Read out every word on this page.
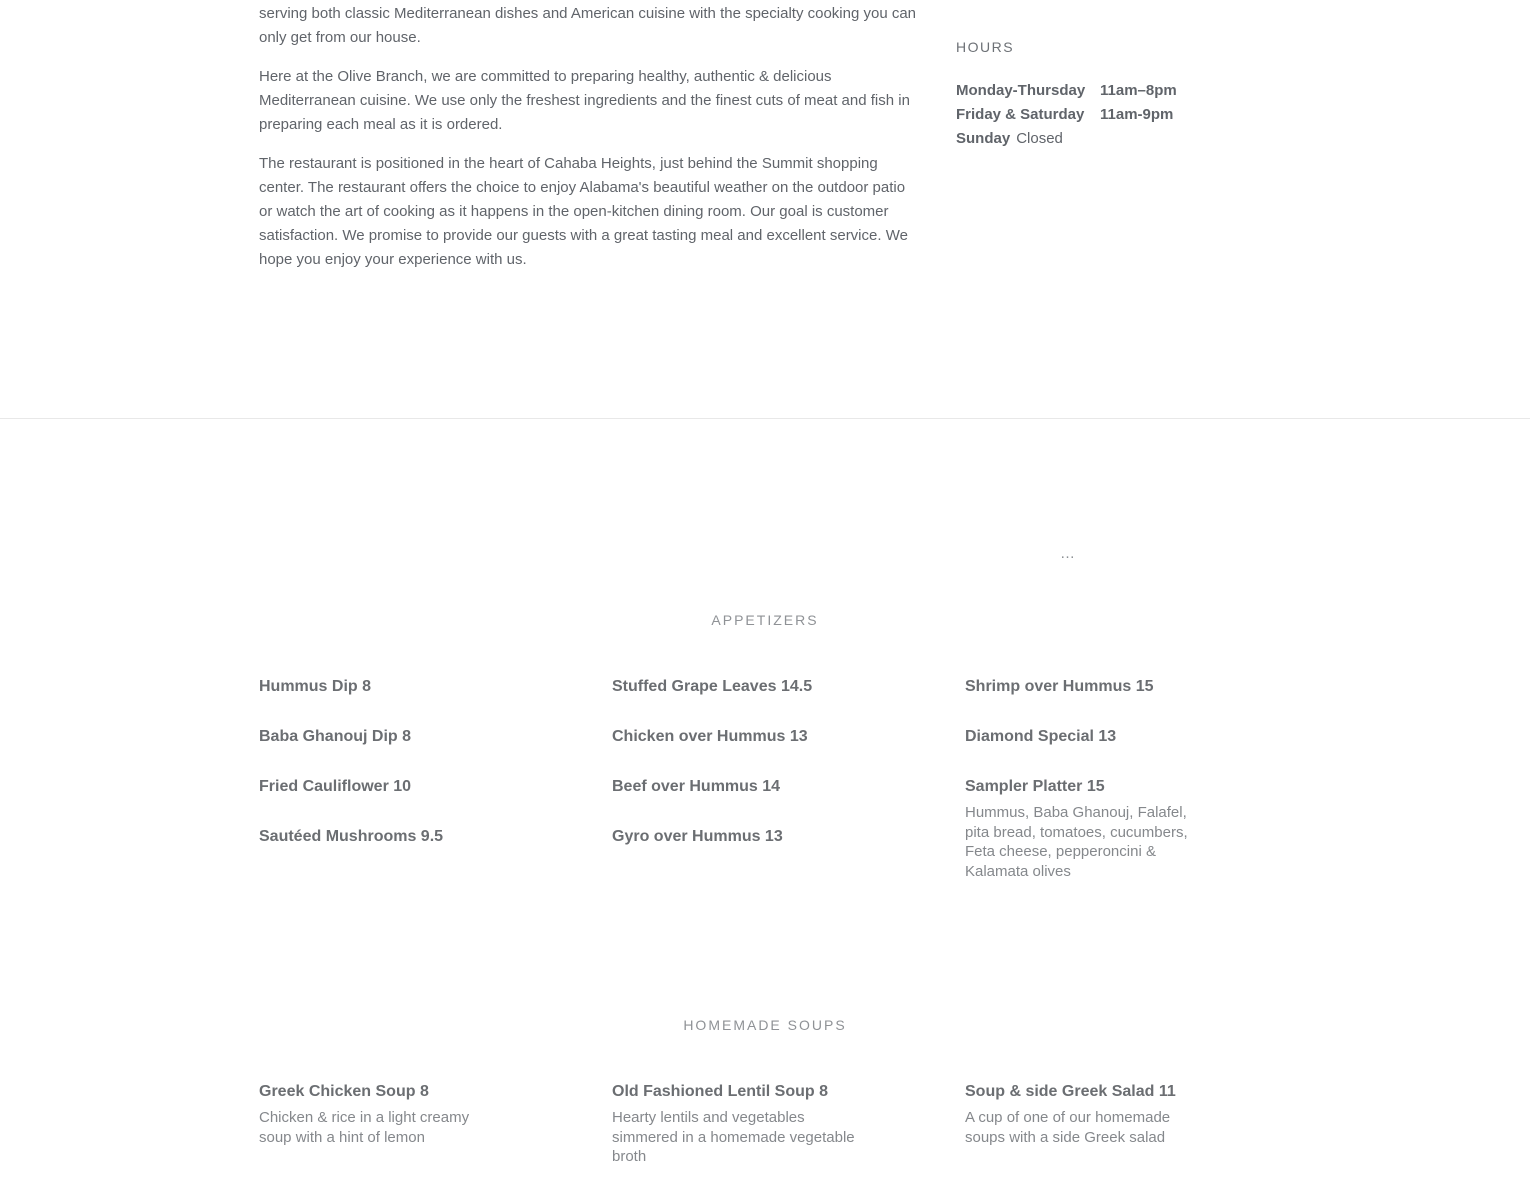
serving both classic Mediterranean dishes and American cuisine with the specialty cooking you can only get from our house.

Here at the Olive Branch, we are committed to preparing healthy, authentic & delicious Mediterranean cuisine. We use only the freshest ingredients and the finest cuts of meat and fish in preparing each meal as it is ordered.

The restaurant is positioned in the heart of Cahaba Heights, just behind the Summit shopping center. The restaurant offers the choice to enjoy Alabama's beautiful weather on the outdoor patio or watch the art of cooking as it happens in the open-kitchen dining room. Our goal is customer satisfaction. We promise to provide our guests with a great tasting meal and excellent service. We hope you enjoy your experience with us.

HOURS
Monday-Thursday 11am–8pm
Friday & Saturday	11am-9pm
Sunday Closed
…
APPETIZERS
Hummus Dip 8
Baba Ghanouj Dip 8
Fried Cauliflower 10
Sautéed Mushrooms 9.5
Stuffed Grape Leaves 14.5
Chicken over Hummus 13
Beef over Hummus 14
Gyro over Hummus 13
Shrimp over Hummus 15
Diamond Special 13
Sampler Platter 15
Hummus, Baba Ghanouj, Falafel, pita bread, tomatoes, cucumbers, Feta cheese, pepperoncini & Kalamata olives
HOMEMADE SOUPS
Greek Chicken Soup 8
Chicken & rice in a light creamy soup with a hint of lemon
Old Fashioned Lentil Soup 8
Hearty lentils and vegetables simmered in a homemade vegetable broth
Soup & side Greek Salad 11
A cup of one of our homemade soups with a side Greek salad
